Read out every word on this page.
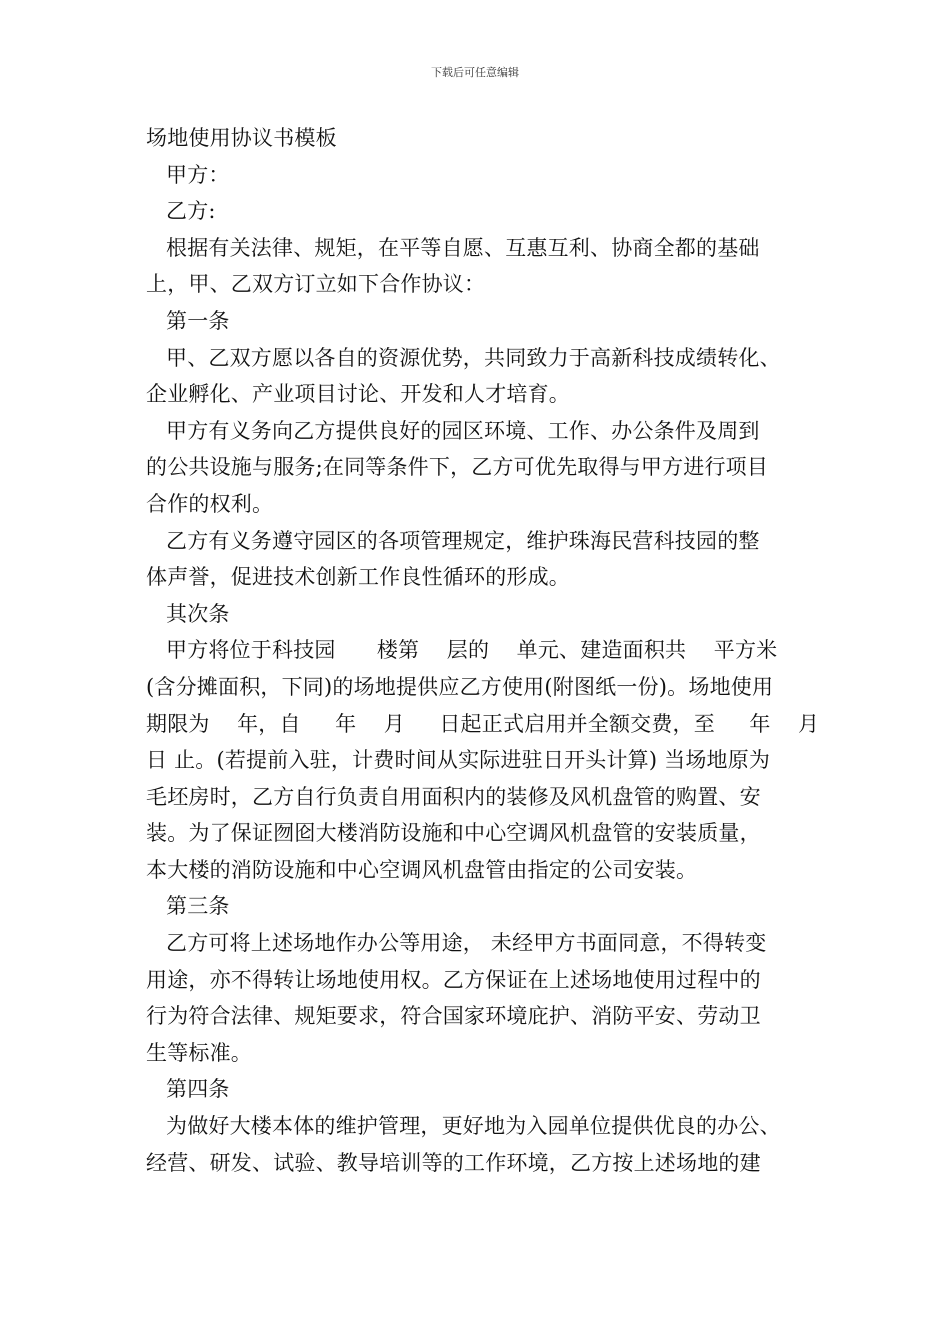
下载后可任意编辑
场地使用协议书模板
甲方：
乙方:
根据有关法律、规矩，在平等自愿、互惠互利、协商全都的基础
上，甲、乙双方订立如下合作协议：
第一条
甲、乙双方愿以各自的资源优势，共同致力于高新科技成绩转化、
企业孵化、产业项目讨论、开发和人才培育。
甲方有义务向乙方提供良好的园区环境、工作、办公条件及周到
的公共设施与服务;在同等条件下，乙方可优先取得与甲方进行项目
合作的权利。
乙方有义务遵守园区的各项管理规定，维护珠海民营科技园的整
体声誉，促进技术创新工作良性循环的形成。
其次条
甲方将位于科技园      楼第    层的    单元、建造面积共    平方米
(含分摊面积，下同)的场地提供应乙方使用(附图纸一份)。场地使用
期限为    年，自     年    月     日起正式启用并全额交费，至     年    月
日 止。(若提前入驻，计费时间从实际进驻日开头计算) 当场地原为
毛坯房时，乙方自行负责自用面积内的装修及风机盘管的购置、安
装。为了保证囫囵大楼消防设施和中心空调风机盘管的安装质量，
本大楼的消防设施和中心空调风机盘管由指定的公司安装。
第三条
乙方可将上述场地作办公等用途， 未经甲方书面同意，不得转变
用途，亦不得转让场地使用权。乙方保证在上述场地使用过程中的
行为符合法律、规矩要求，符合国家环境庇护、消防平安、劳动卫
生等标准。
第四条
为做好大楼本体的维护管理，更好地为入园单位提供优良的办公、
经营、研发、试验、教导培训等的工作环境，乙方按上述场地的建
